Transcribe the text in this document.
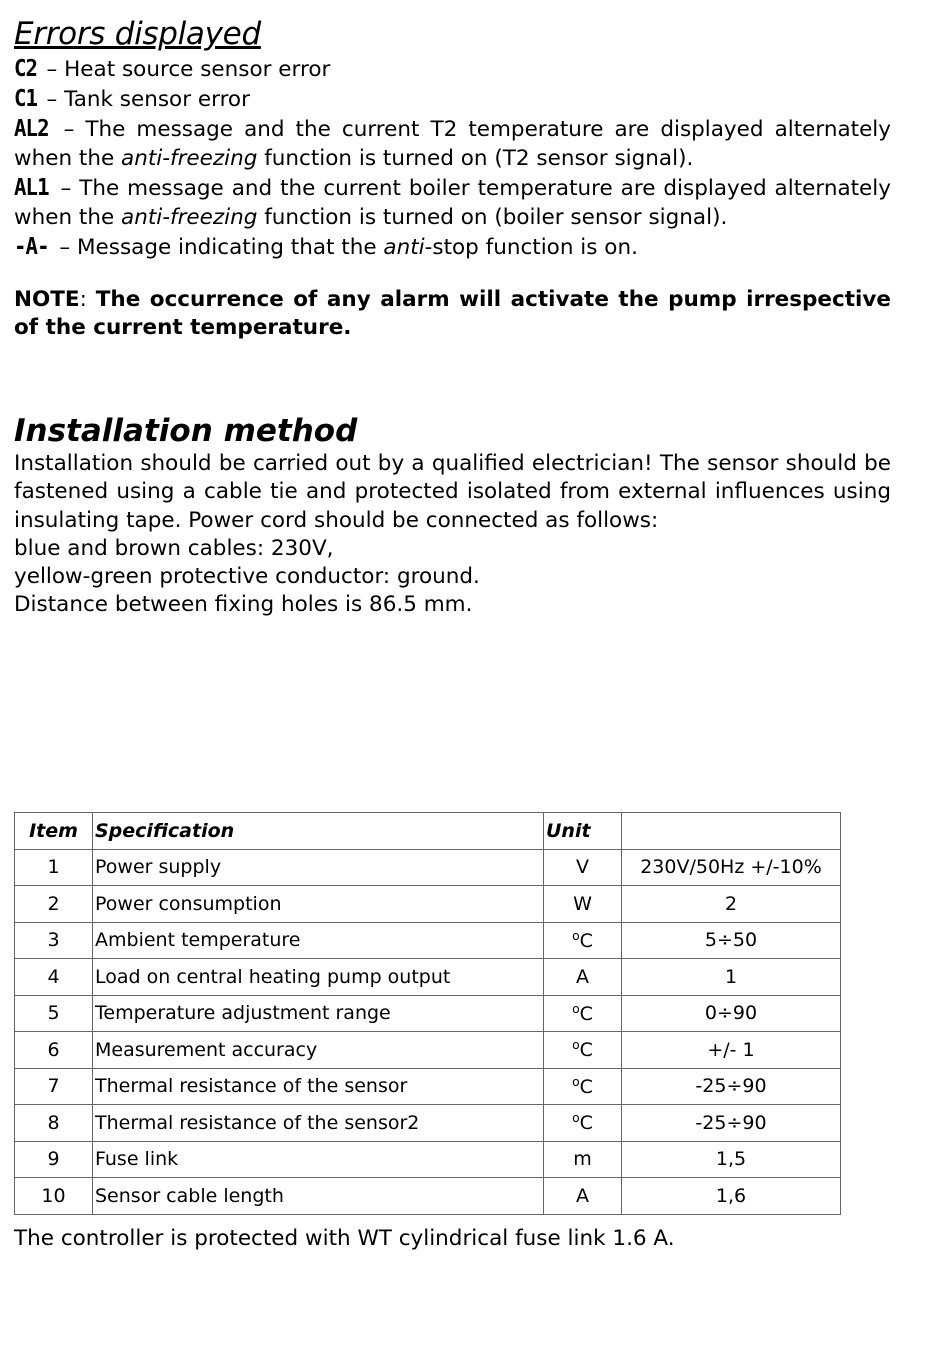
Errors displayed

C2 – Heat source sensor error

C1 – Tank sensor error

AL2 – The message and the current T2 temperature are displayed alternately when the anti-freezing function is turned on (T2 sensor signal).

AL1 – The message and the current boiler temperature are displayed alternately when the anti-freezing function is turned on (boiler sensor signal).

-A- – Message indicating that the anti-stop function is on.

NOTE: The occurrence of any alarm will activate the pump irrespective of the current temperature.

Installation method

Installation should be carried out by a qualified electrician! The sensor should be fastened using a cable tie and protected isolated from external influences using insulating tape. Power cord should be connected as follows:

blue and brown cables: 230V,

yellow-green protective conductor: ground.

Distance between fixing holes is 86.5 mm.

Item	Specification	Unit	
1	Power supply	V	230V/50Hz +/-10%
2	Power consumption	W	2
3	Ambient temperature	$^o$C	5÷50
4	Load on central heating pump output	A	1
5	Temperature adjustment range	$^o$C	0÷90
6	Measurement accuracy	$^o$C	+/- 1
7	Thermal resistance of the sensor	$^o$C	-25÷90
8	Thermal resistance of the sensor2	$^o$C	-25÷90
9	Fuse link	m	1,5
10	Sensor cable length	A	1,6
The controller is protected with WT cylindrical fuse link 1.6 A.
